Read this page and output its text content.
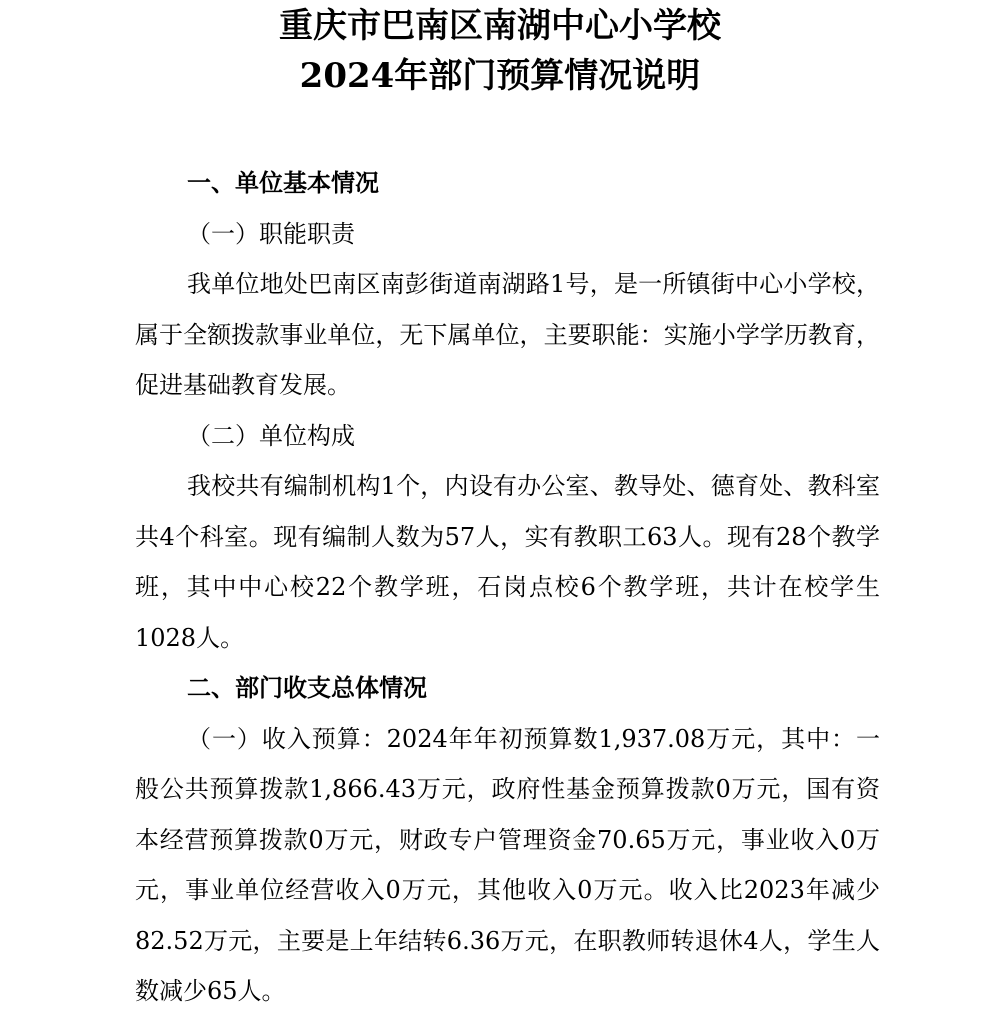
重庆市巴南区南湖中心小学校
2024年部门预算情况说明
一、单位基本情况
（一）职能职责
我单位地处巴南区南彭街道南湖路1号，是一所镇街中心小学校，属于全额拨款事业单位，无下属单位，主要职能：实施小学学历教育，促进基础教育发展。
（二）单位构成
我校共有编制机构1个，内设有办公室、教导处、德育处、教科室共4个科室。现有编制人数为57人，实有教职工63人。现有28个教学班，其中中心校22个教学班，石岗点校6个教学班，共计在校学生1028人。
二、部门收支总体情况
（一）收入预算：2024年年初预算数1,937.08万元，其中：一般公共预算拨款1,866.43万元，政府性基金预算拨款0万元，国有资本经营预算拨款0万元，财政专户管理资金70.65万元，事业收入0万元，事业单位经营收入0万元，其他收入0万元。收入比2023年减少82.52万元，主要是上年结转6.36万元，在职教师转退休4人，学生人数减少65人。
